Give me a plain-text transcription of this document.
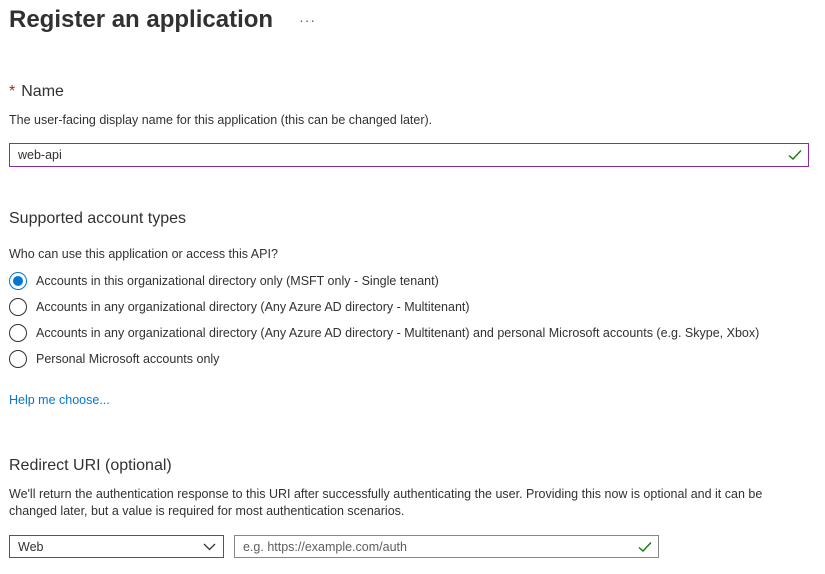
Register an application ···
* Name
The user-facing display name for this application (this can be changed later).
web-api
Supported account types
Who can use this application or access this API?
Accounts in this organizational directory only (MSFT only - Single tenant)
Accounts in any organizational directory (Any Azure AD directory - Multitenant)
Accounts in any organizational directory (Any Azure AD directory - Multitenant) and personal Microsoft accounts (e.g. Skype, Xbox)
Personal Microsoft accounts only
Help me choose...
Redirect URI (optional)
We'll return the authentication response to this URI after successfully authenticating the user. Providing this now is optional and it can be
changed later, but a value is required for most authentication scenarios.
Web	e.g. https://example.com/auth
